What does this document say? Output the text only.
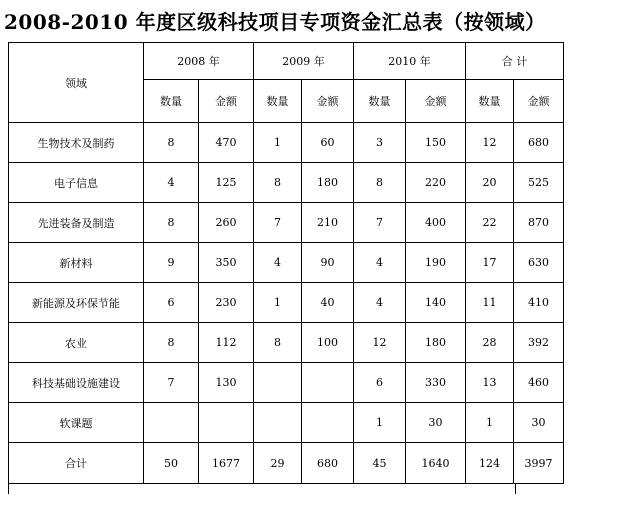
2008-2010 年度区级科技项目专项资金汇总表（按领域）
领域	2008 年		2009 年		2010 年		合 计	
	数量	金额	数量	金额	数量	金额	数量	金额
生物技术及制药	8	470	1	60	3	150	12	680
电子信息	4	125	8	180	8	220	20	525
先进装备及制造	8	260	7	210	7	400	22	870
新材料	9	350	4	90	4	190	17	630
新能源及环保节能	6	230	1	40	4	140	11	410
农业	8	112	8	100	12	180	28	392
科技基础设施建设	7	130			6	330	13	460
软课题					1	30	1	30
合计	50	1677	29	680	45	1640	124	3997
